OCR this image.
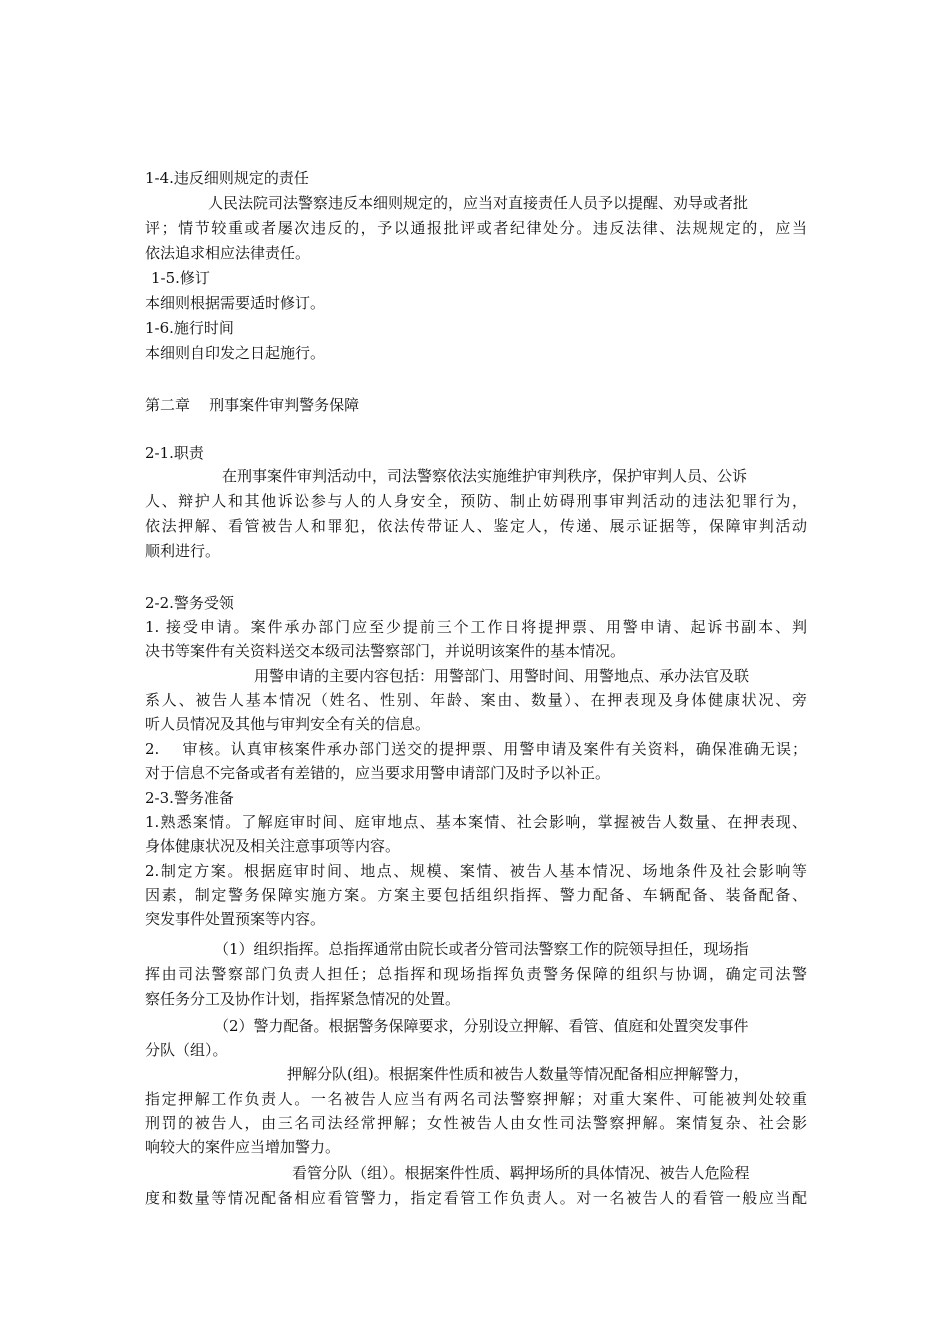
1-4.违反细则规定的责任
人民法院司法警察违反本细则规定的，应当对直接责任人员予以提醒、劝导或者批
评；情节较重或者屡次违反的，予以通报批评或者纪律处分。违反法律、法规规定的，应当
依法追求相应法律责任。
1-5.修订
本细则根据需要适时修订。
1-6.施行时间
本细则自印发之日起施行。
第二章    刑事案件审判警务保障
2-1.职责
在刑事案件审判活动中，司法警察依法实施维护审判秩序，保护审判人员、公诉
人、辩护人和其他诉讼参与人的人身安全，预防、制止妨碍刑事审判活动的违法犯罪行为，
依法押解、看管被告人和罪犯，依法传带证人、鉴定人，传递、展示证据等，保障审判活动
顺利进行。
2-2.警务受领
1. 接受申请。案件承办部门应至少提前三个工作日将提押票、用警申请、起诉书副本、判
决书等案件有关资料送交本级司法警察部门，并说明该案件的基本情况。
用警申请的主要内容包括：用警部门、用警时间、用警地点、承办法官及联
系人、被告人基本情况（姓名、性别、年龄、案由、数量）、在押表现及身体健康状况、旁
听人员情况及其他与审判安全有关的信息。
2.    审核。认真审核案件承办部门送交的提押票、用警申请及案件有关资料，确保准确无误；
对于信息不完备或者有差错的，应当要求用警申请部门及时予以补正。
2-3.警务准备
1.熟悉案情。了解庭审时间、庭审地点、基本案情、社会影响，掌握被告人数量、在押表现、
身体健康状况及相关注意事项等内容。
2.制定方案。根据庭审时间、地点、规模、案情、被告人基本情况、场地条件及社会影响等
因素，制定警务保障实施方案。方案主要包括组织指挥、警力配备、车辆配备、装备配备、
突发事件处置预案等内容。
（1）组织指挥。总指挥通常由院长或者分管司法警察工作的院领导担任，现场指
挥由司法警察部门负责人担任；总指挥和现场指挥负责警务保障的组织与协调，确定司法警
察任务分工及协作计划，指挥紧急情况的处置。
（2）警力配备。根据警务保障要求，分别设立押解、看管、值庭和处置突发事件
分队（组）。
押解分队(组)。根据案件性质和被告人数量等情况配备相应押解警力，
指定押解工作负责人。一名被告人应当有两名司法警察押解；对重大案件、可能被判处较重
刑罚的被告人，由三名司法经常押解；女性被告人由女性司法警察押解。案情复杂、社会影
响较大的案件应当增加警力。
看管分队（组）。根据案件性质、羁押场所的具体情况、被告人危险程
度和数量等情况配备相应看管警力，指定看管工作负责人。对一名被告人的看管一般应当配
